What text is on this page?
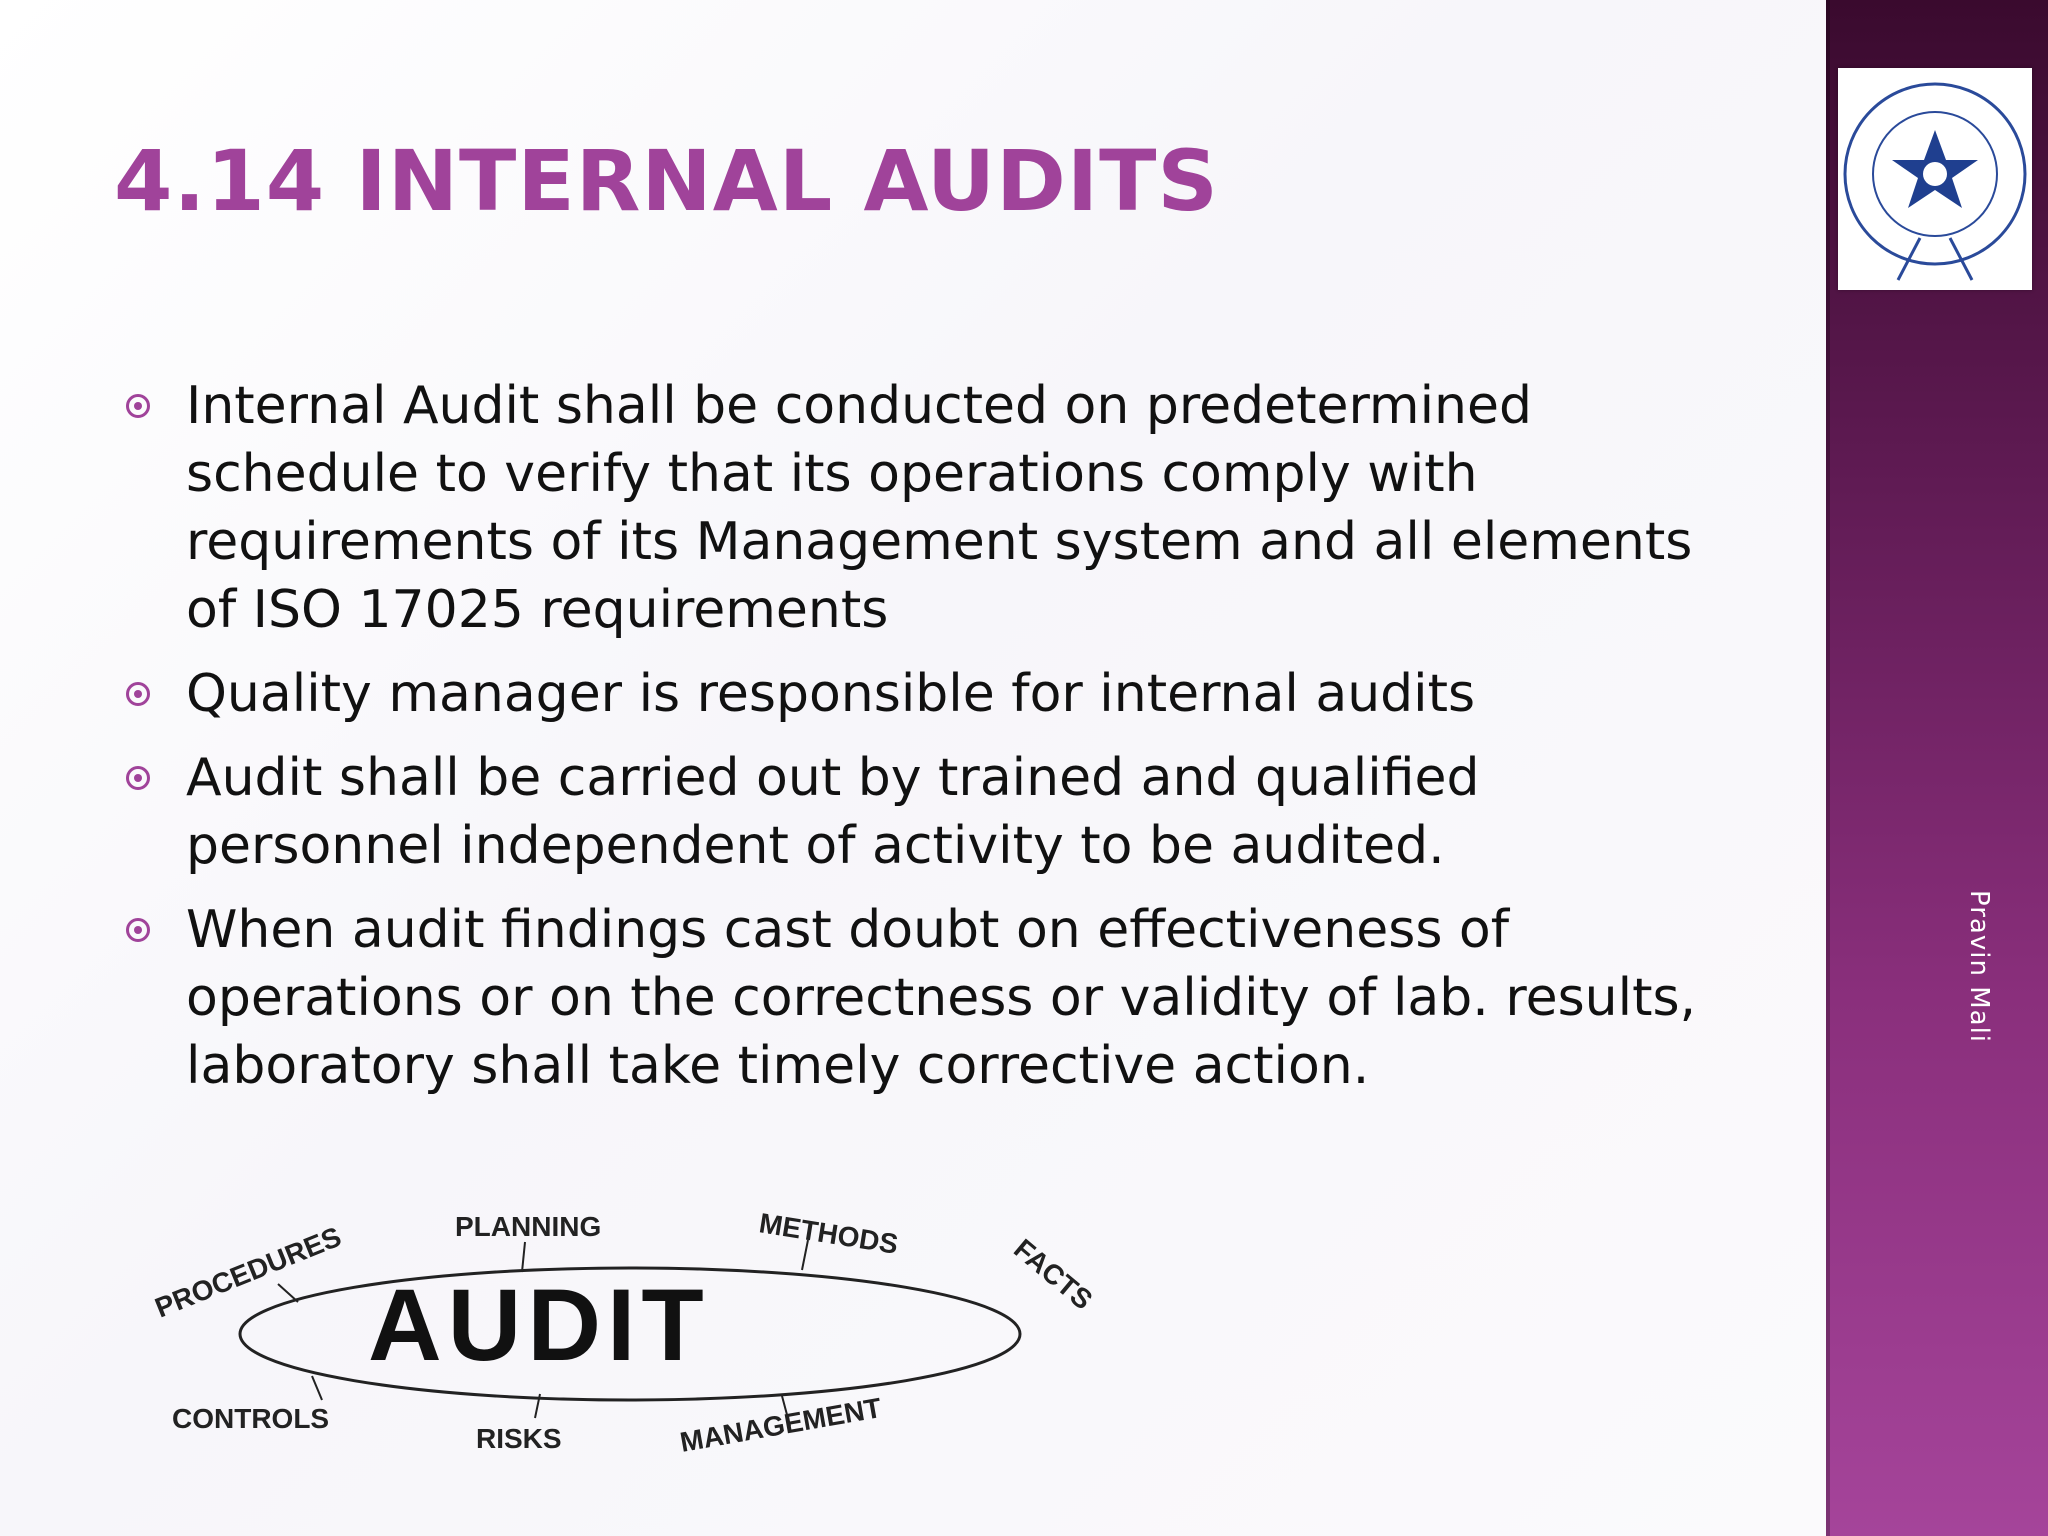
4.14 INTERNAL AUDITS
Internal Audit shall be conducted on predetermined schedule to verify that its operations comply with requirements of its Management system and all elements of ISO 17025 requirements
Quality manager is responsible for internal audits
Audit shall be carried out by trained and qualified personnel independent of activity to be audited.
When audit findings cast doubt on effectiveness of operations or on the correctness or validity of lab. results, laboratory shall take timely corrective action.
AUDIT
PROCEDURES	PLANNING	METHODS	FACTS
CONTROLS
RISKS	MANAGEMENT
Pravin Mali
